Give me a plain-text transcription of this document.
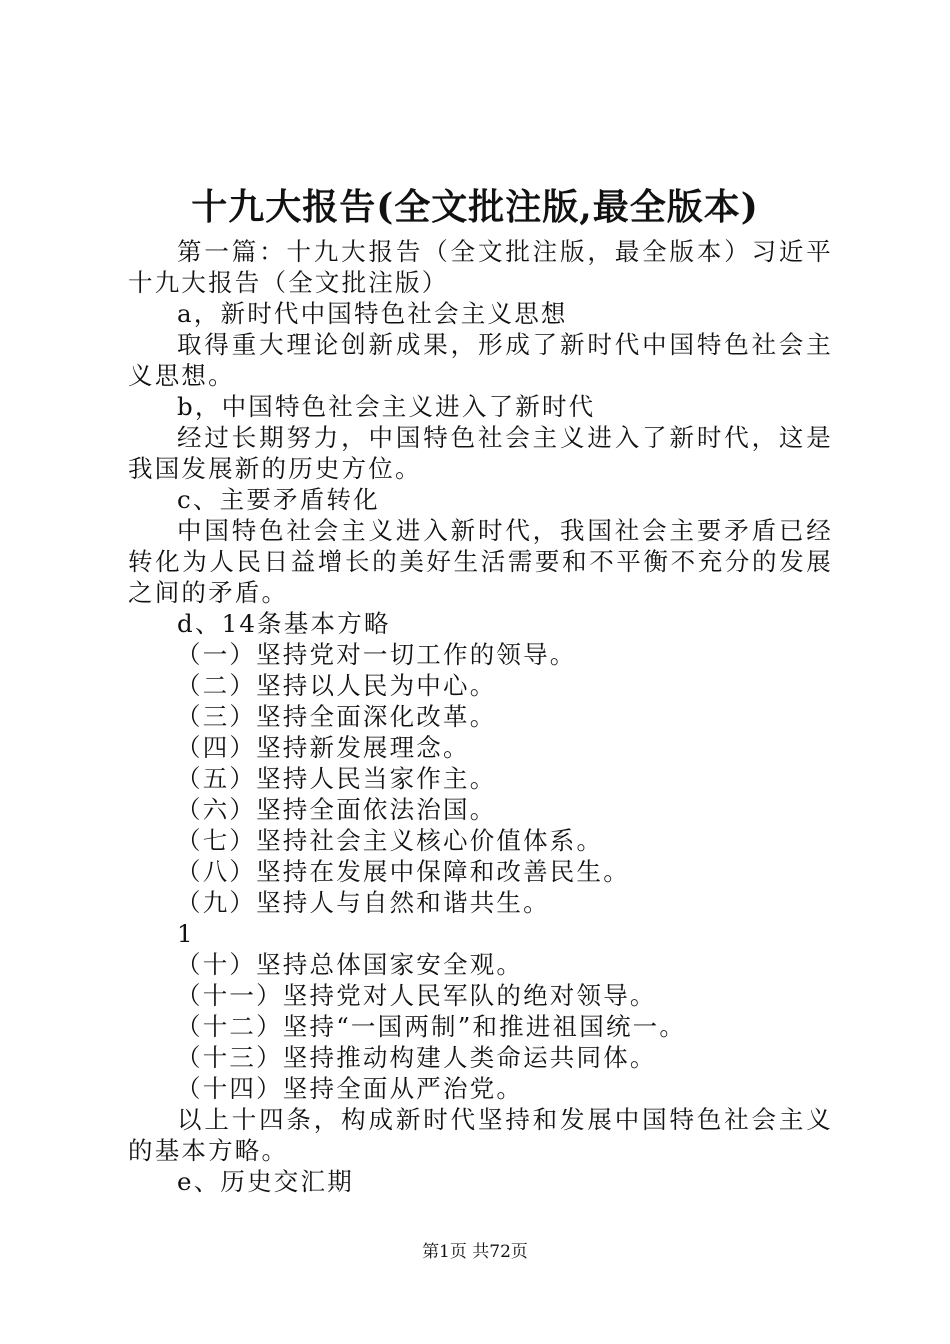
十九大报告(全文批注版,最全版本)

第一篇：十九大报告（全文批注版，最全版本）习近平十九大报告（全文批注版）

a，新时代中国特色社会主义思想

取得重大理论创新成果，形成了新时代中国特色社会主义思想。

b，中国特色社会主义进入了新时代

经过长期努力，中国特色社会主义进入了新时代，这是我国发展新的历史方位。

c、主要矛盾转化

中国特色社会主义进入新时代，我国社会主要矛盾已经转化为人民日益增长的美好生活需要和不平衡不充分的发展之间的矛盾。

d、14条基本方略

（一）坚持党对一切工作的领导。

（二）坚持以人民为中心。

（三）坚持全面深化改革。

（四）坚持新发展理念。

（五）坚持人民当家作主。

（六）坚持全面依法治国。

（七）坚持社会主义核心价值体系。

（八）坚持在发展中保障和改善民生。

（九）坚持人与自然和谐共生。

1

（十）坚持总体国家安全观。

（十一）坚持党对人民军队的绝对领导。

（十二）坚持“一国两制”和推进祖国统一。

（十三）坚持推动构建人类命运共同体。

（十四）坚持全面从严治党。

以上十四条，构成新时代坚持和发展中国特色社会主义的基本方略。

e、历史交汇期

第1页 共72页
